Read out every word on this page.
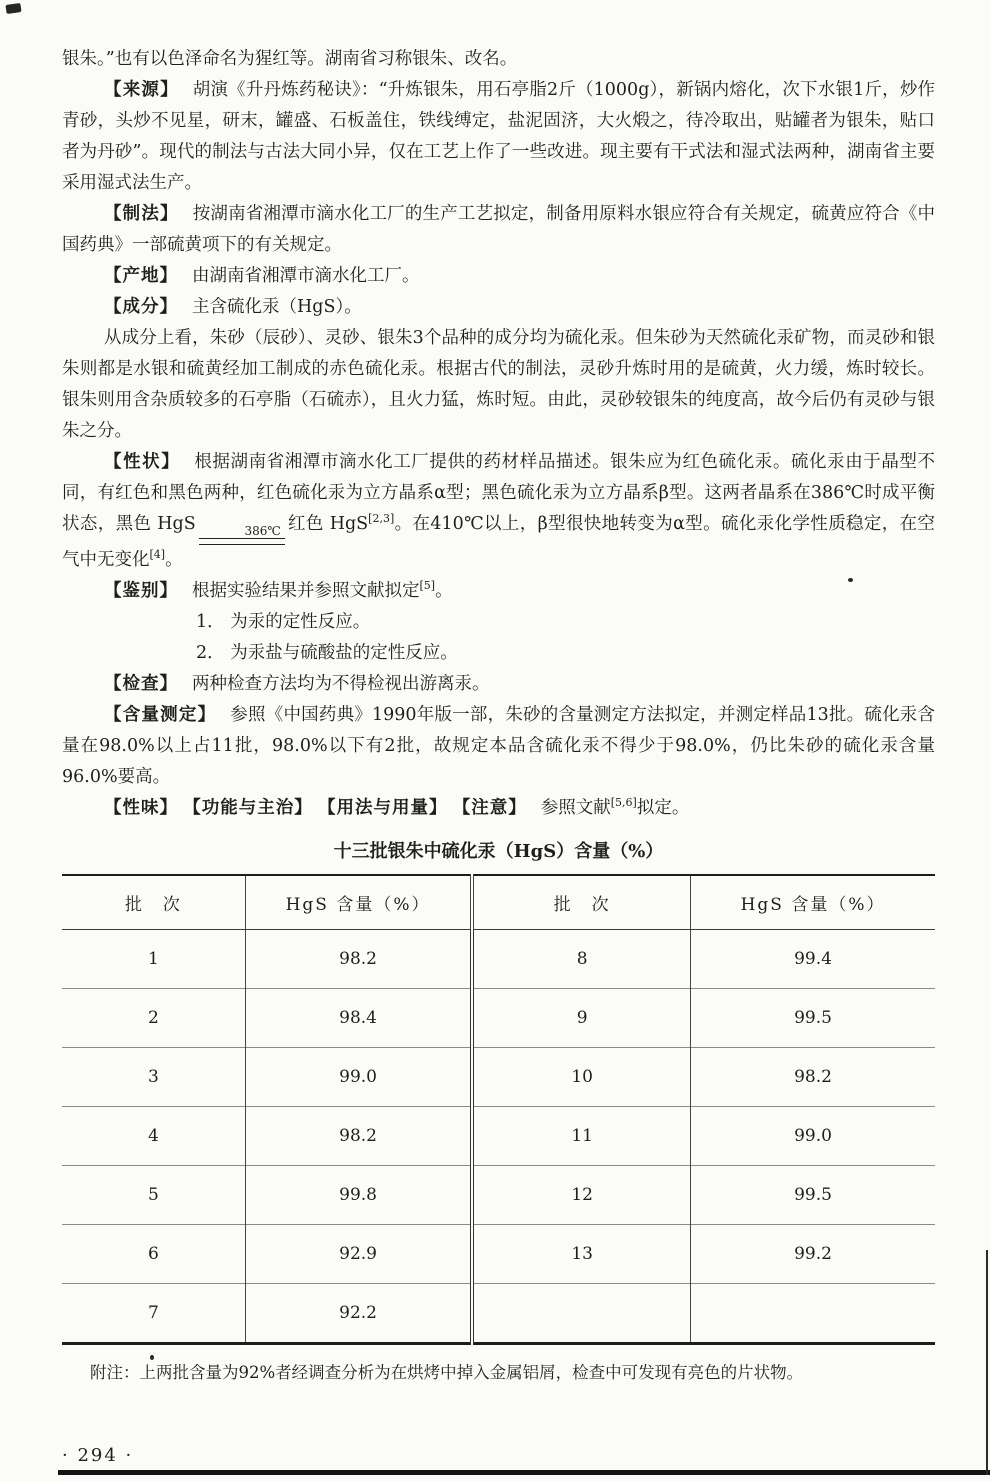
银朱。”也有以色泽命名为猩红等。湖南省习称银朱、改名。

【来源】 胡演《升丹炼药秘诀》：“升炼银朱，用石亭脂2斤（1000g），新锅内熔化，次下水银1斤，炒作青砂，头炒不见星，研末，罐盛、石板盖住，铁线缚定，盐泥固济，大火煅之，待冷取出，贴罐者为银朱，贴口者为丹砂”。现代的制法与古法大同小异，仅在工艺上作了一些改进。现主要有干式法和湿式法两种，湖南省主要采用湿式法生产。

【制法】 按湖南省湘潭市滴水化工厂的生产工艺拟定，制备用原料水银应符合有关规定，硫黄应符合《中国药典》一部硫黄项下的有关规定。

【产地】 由湖南省湘潭市滴水化工厂。

【成分】 主含硫化汞（HgS）。

从成分上看，朱砂（辰砂）、灵砂、银朱3个品种的成分均为硫化汞。但朱砂为天然硫化汞矿物，而灵砂和银朱则都是水银和硫黄经加工制成的赤色硫化汞。根据古代的制法，灵砂升炼时用的是硫黄，火力缓，炼时较长。银朱则用含杂质较多的石亭脂（石硫赤），且火力猛，炼时短。由此，灵砂较银朱的纯度高，故今后仍有灵砂与银朱之分。

【性状】 根据湖南省湘潭市滴水化工厂提供的药材样品描述。银朱应为红色硫化汞。硫化汞由于晶型不同，有红色和黑色两种，红色硫化汞为立方晶系α型；黑色硫化汞为立方晶系β型。这两者晶系在386℃时成平衡状态，黑色 HgS	386℃ 红色 HgS[2,3]。在410℃以上，β型很快地转变为α型。硫化汞化学性质稳定，在空气中无变化[4]。

【鉴别】 根据实验结果并参照文献拟定[5]。

1． 为汞的定性反应。

2． 为汞盐与硫酸盐的定性反应。

【检查】 两种检查方法均为不得检视出游离汞。

【含量测定】 参照《中国药典》1990年版一部，朱砂的含量测定方法拟定，并测定样品13批。硫化汞含量在98.0%以上占11批，98.0%以下有2批，故规定本品含硫化汞不得少于98.0%，仍比朱砂的硫化汞含量96.0%要高。

【性味】 【功能与主治】 【用法与用量】 【注意】 参照文献[5,6]拟定。

十三批银朱中硫化汞（HgS）含量（%）
批　次	HgS 含量（%）	批　次	HgS 含量（%）
1	98.2	8	99.4
2	98.4	9	99.5
3	99.0	10	98.2
4	98.2	11	99.0
5	99.8	12	99.5
6	92.9	13	99.2
7	92.2		

附注：上两批含量为92%者经调查分析为在烘烤中掉入金属铝屑，检查中可发现有亮色的片状物。

· 294 ·
